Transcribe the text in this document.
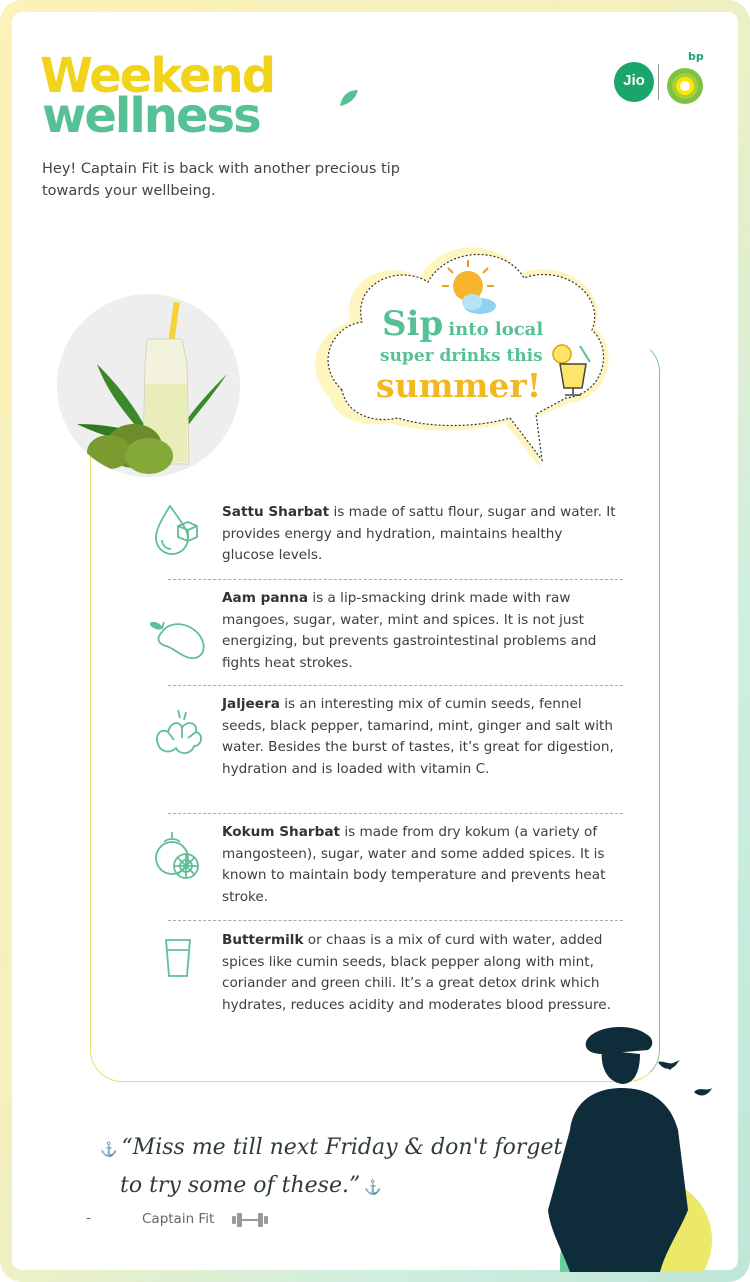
Weekend
wellness
Jio
bp
Hey! Captain Fit is back with another precious tip towards your wellbeing.
Sip into local
super drinks this
summer!
Sattu Sharbat is made of sattu flour, sugar and water. It provides energy and hydration, maintains healthy glucose levels.
Aam panna is a lip-smacking drink made with raw mangoes, sugar, water, mint and spices. It is not just energizing, but prevents gastrointestinal problems and fights heat strokes.
Jaljeera is an interesting mix of cumin seeds, fennel seeds, black pepper, tamarind, mint, ginger and salt with water. Besides the burst of tastes, it’s great for digestion, hydration and is loaded with vitamin C.
Kokum Sharbat is made from dry kokum (a variety of mangosteen), sugar, water and some added spices. It is known to maintain body temperature and prevents heat stroke.
Buttermilk or chaas is a mix of curd with water, added spices like cumin seeds, black pepper along with mint, coriander and green chili. It’s a great detox drink which hydrates, reduces acidity and moderates blood pressure.
⚓ “Miss me till next Friday & don't forget
to try some of these.” ⚓
-	Captain Fit
